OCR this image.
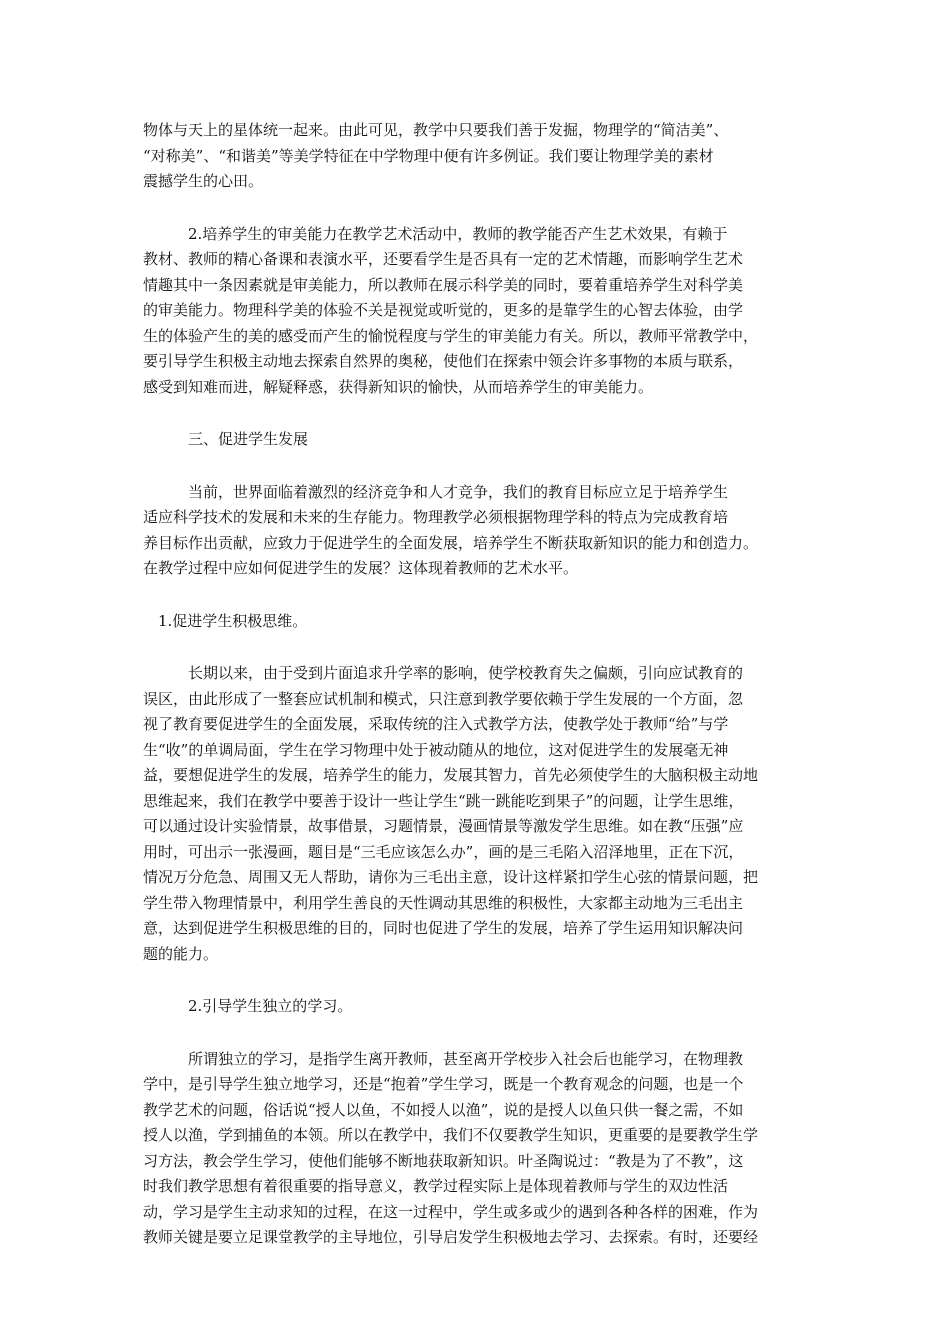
物体与天上的星体统一起来。由此可见，教学中只要我们善于发掘，物理学的“简洁美”、
“对称美”、“和谐美”等美学特征在中学物理中便有许多例证。我们要让物理学美的素材
震撼学生的心田。

　　　2.培养学生的审美能力在教学艺术活动中，教师的教学能否产生艺术效果，有赖于
教材、教师的精心备课和表演水平，还要看学生是否具有一定的艺术情趣，而影响学生艺术
情趣其中一条因素就是审美能力，所以教师在展示科学美的同时，要着重培养学生对科学美
的审美能力。物理科学美的体验不关是视觉或听觉的，更多的是靠学生的心智去体验，由学
生的体验产生的美的感受而产生的愉悦程度与学生的审美能力有关。所以，教师平常教学中，
要引导学生积极主动地去探索自然界的奥秘，使他们在探索中领会许多事物的本质与联系，
感受到知难而进，解疑释惑，获得新知识的愉快，从而培养学生的审美能力。

　　　三、促进学生发展

　　　当前，世界面临着激烈的经济竞争和人才竞争，我们的教育目标应立足于培养学生
适应科学技术的发展和未来的生存能力。物理教学必须根据物理学科的特点为完成教育培
养目标作出贡献，应致力于促进学生的全面发展，培养学生不断获取新知识的能力和创造力。
在教学过程中应如何促进学生的发展？这体现着教师的艺术水平。

　1.促进学生积极思维。

　　　长期以来，由于受到片面追求升学率的影响，使学校教育失之偏颇，引向应试教育的
误区，由此形成了一整套应试机制和模式，只注意到教学要依赖于学生发展的一个方面，忽
视了教育要促进学生的全面发展，采取传统的注入式教学方法，使教学处于教师“给”与学
生“收”的单调局面，学生在学习物理中处于被动随从的地位，这对促进学生的发展毫无神
益，要想促进学生的发展，培养学生的能力，发展其智力，首先必须使学生的大脑积极主动地
思维起来，我们在教学中要善于设计一些让学生“跳一跳能吃到果子”的问题，让学生思维，
可以通过设计实验情景，故事借景，习题情景，漫画情景等激发学生思维。如在教“压强”应
用时，可出示一张漫画，题目是“三毛应该怎么办”，画的是三毛陷入沼泽地里，正在下沉，
情况万分危急、周围又无人帮助，请你为三毛出主意，设计这样紧扣学生心弦的情景问题，把
学生带入物理情景中，利用学生善良的天性调动其思维的积极性，大家都主动地为三毛出主
意，达到促进学生积极思维的目的，同时也促进了学生的发展，培养了学生运用知识解决问
题的能力。

　　　2.引导学生独立的学习。

　　　所谓独立的学习，是指学生离开教师，甚至离开学校步入社会后也能学习，在物理教
学中，是引导学生独立地学习，还是“抱着”学生学习，既是一个教育观念的问题，也是一个
教学艺术的问题，俗话说“授人以鱼，不如授人以渔”，说的是授人以鱼只供一餐之需，不如
授人以渔，学到捕鱼的本领。所以在教学中，我们不仅要教学生知识，更重要的是要教学生学
习方法，教会学生学习，使他们能够不断地获取新知识。叶圣陶说过：“教是为了不教”，这
时我们教学思想有着很重要的指导意义，教学过程实际上是体现着教师与学生的双边性活
动，学习是学生主动求知的过程，在这一过程中，学生或多或少的遇到各种各样的困难，作为
教师关键是要立足课堂教学的主导地位，引导启发学生积极地去学习、去探索。有时，还要经
